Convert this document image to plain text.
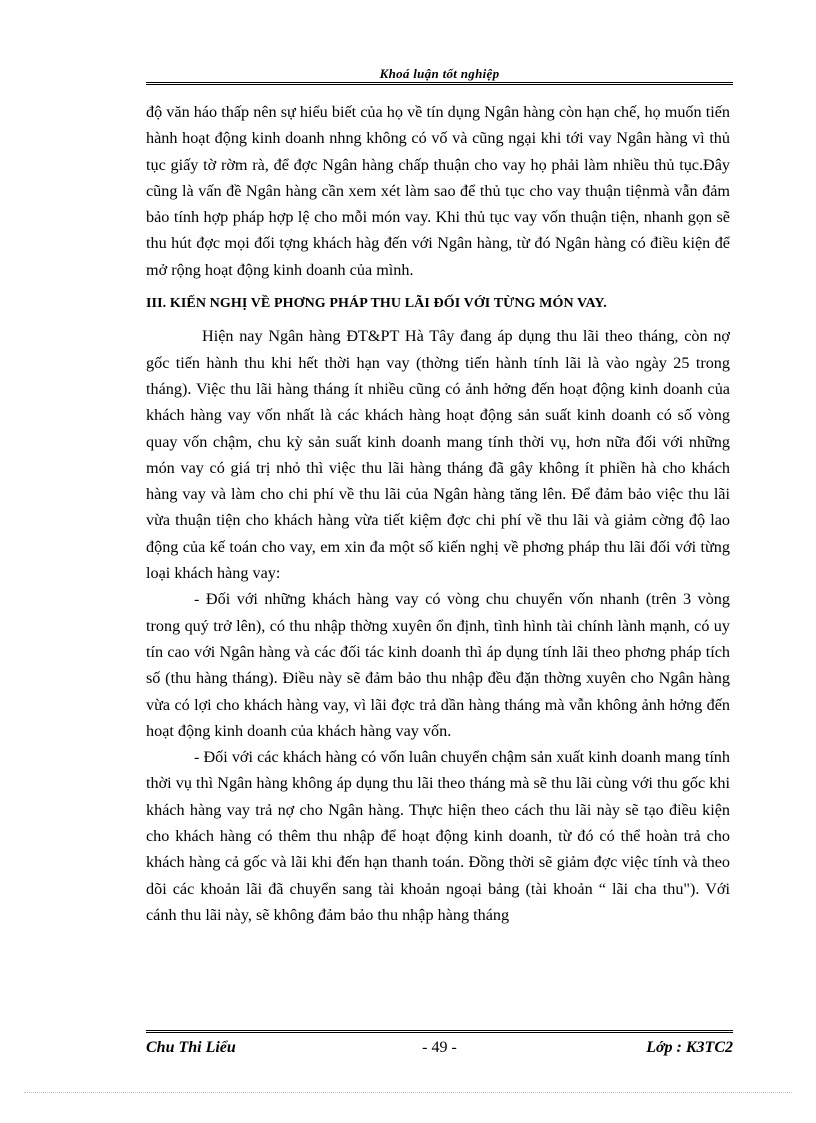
Khoá luận tốt nghiệp

độ văn háo thấp nên sự hiểu biết của họ về tín dụng Ngân hàng còn hạn chế, họ muốn tiến hành hoạt động kinh doanh nhng không có vố và cũng ngại khi tới vay Ngân hàng vì thủ tục giấy tờ rờm rà, để đợc Ngân hàng chấp thuận cho vay họ phải làm nhiều thủ tục.Đây cũng là vấn đề Ngân hàng cần xem xét làm sao để thủ tục cho vay thuận tiệnmà vẫn đảm bảo tính hợp pháp hợp lệ cho mỗi món vay. Khi thủ tục vay vốn thuận tiện, nhanh gọn sẽ thu hút đợc mọi đối tợng khách hàg đến với Ngân hàng, từ đó Ngân hàng có điều kiện để mở rộng hoạt động kinh doanh của mình.

III. KIẾN NGHỊ VỀ PHƠNG PHÁP THU LÃI ĐỐI VỚI TỪNG MÓN VAY.

Hiện nay Ngân hàng ĐT&PT Hà Tây đang áp dụng thu lãi theo tháng, còn nợ gốc tiến hành thu khi hết thời hạn vay (thờng tiến hành tính lãi là vào ngày 25 trong tháng). Việc thu lãi hàng tháng ít nhiều cũng có ảnh hởng đến hoạt động kinh doanh của khách hàng vay vốn nhất là các khách hàng hoạt động sản suất kinh doanh có số vòng quay vốn chậm, chu kỳ sản suất kinh doanh mang tính thời vụ, hơn nữa đối với những món vay có giá trị nhỏ thì việc thu lãi hàng tháng đã gây không ít phiền hà cho khách hàng vay và làm cho chi phí về thu lãi của Ngân hàng tăng lên. Để đảm bảo việc thu lãi vừa thuận tiện cho khách hàng vừa tiết kiệm đợc chi phí về thu lãi và giảm cờng độ lao động của kế toán cho vay, em xin đa một số kiến nghị về phơng pháp thu lãi đối với từng loại khách hàng vay:

- Đối với những khách hàng vay có vòng chu chuyển vốn nhanh (trên 3 vòng trong quý trở lên), có thu nhập thờng xuyên ổn định, tình hình tài chính lành mạnh, có uy tín cao với Ngân hàng và các đối tác kinh doanh thì áp dụng tính lãi theo phơng pháp tích số (thu hàng tháng). Điều này sẽ đảm bảo thu nhập đều đặn thờng xuyên cho Ngân hàng vừa có lợi cho khách hàng vay, vì lãi đợc trả dần hàng tháng mà vẫn không ảnh hởng đến hoạt động kinh doanh của khách hàng vay vốn.

- Đối với các khách hàng có vốn luân chuyển chậm sản xuất kinh doanh mang tính thời vụ thì Ngân hàng không áp dụng thu lãi theo tháng mà sẽ thu lãi cùng với thu gốc khi khách hàng vay trả nợ cho Ngân hàng. Thực hiện theo cách thu lãi này sẽ tạo điều kiện cho khách hàng có thêm thu nhập để hoạt động kinh doanh, từ đó có thể hoàn trả cho khách hàng cả gốc và lãi khi đến hạn thanh toán. Đồng thời sẽ giảm đợc việc tính và theo dõi các khoản lãi đã chuyển sang tài khoản ngoại bảng (tài khoản “ lãi cha thu"). Với cánh thu lãi này, sẽ không đảm bảo thu nhập hàng tháng

Chu Thi Liểu	- 49 -	Lớp : K3TC2
